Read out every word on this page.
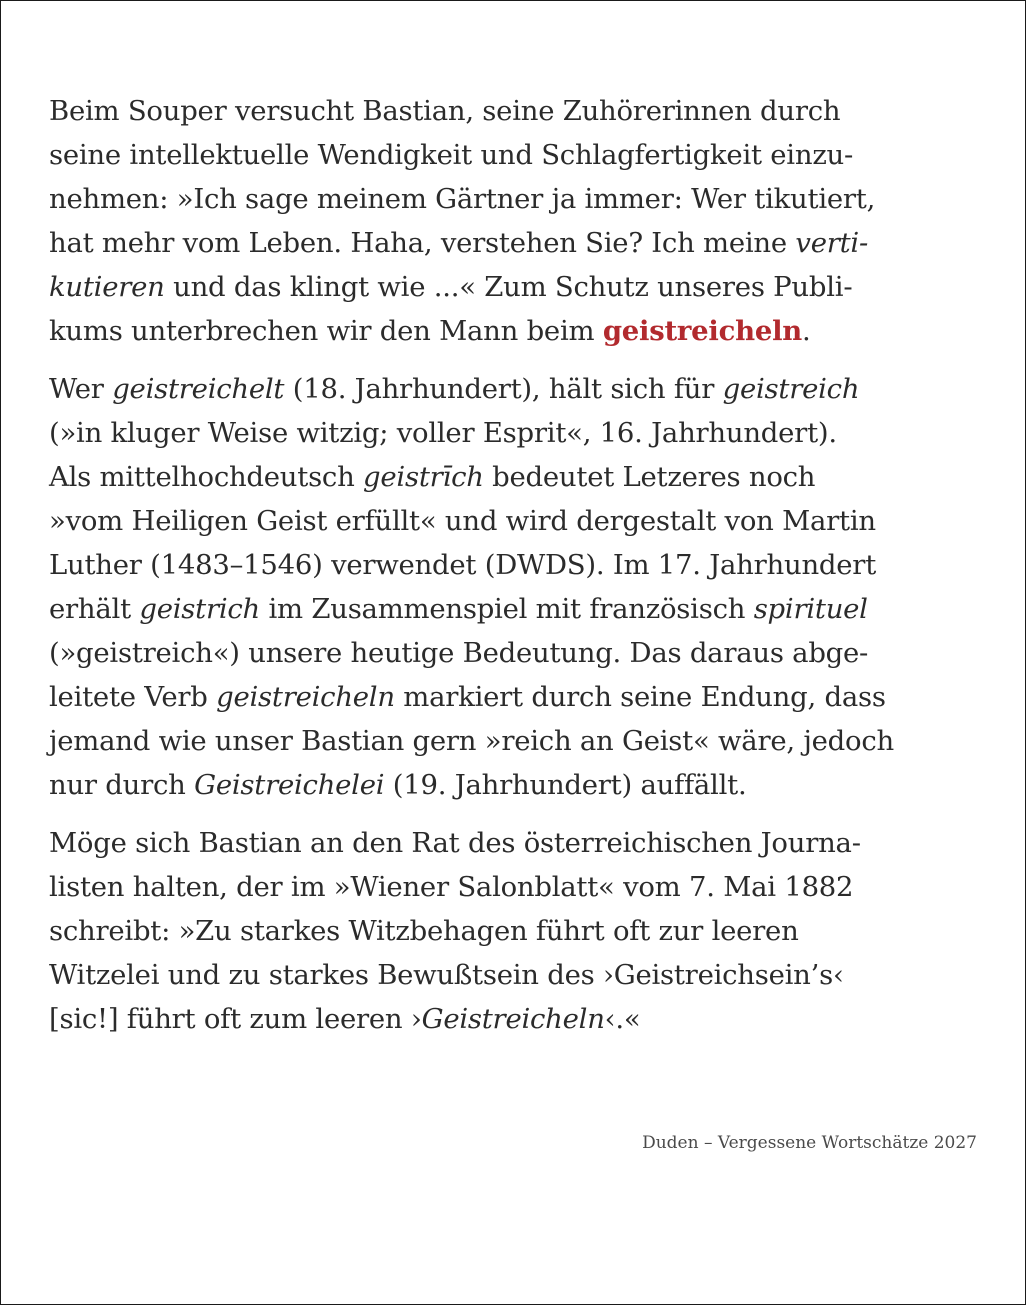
Beim Souper versucht Bastian, seine Zuhörerinnen durch
seine intellektuelle Wendigkeit und Schlagfertigkeit einzu-
nehmen: »Ich sage meinem Gärtner ja immer: Wer tikutiert,
hat mehr vom Leben. Haha, verstehen Sie? Ich meine verti-
kutieren und das klingt wie ...« Zum Schutz unseres Publi-
kums unterbrechen wir den Mann beim geistreicheln.
Wer geistreichelt (18. Jahrhundert), hält sich für geistreich
(»in kluger Weise witzig; voller Esprit«, 16. Jahrhundert).
Als mittelhochdeutsch geistrīch bedeutet Letzeres noch
»vom Heiligen Geist erfüllt« und wird dergestalt von Martin
Luther (1483–1546) verwendet (DWDS). Im 17. Jahrhundert
erhält geistrich im Zusammenspiel mit französisch spirituel
(»geistreich«) unsere heutige Bedeutung. Das daraus abge-
leitete Verb geistreicheln markiert durch seine Endung, dass
jemand wie unser Bastian gern »reich an Geist« wäre, jedoch
nur durch Geistreichelei (19. Jahrhundert) auffällt.
Möge sich Bastian an den Rat des österreichischen Journa-
listen halten, der im »Wiener Salonblatt« vom 7. Mai 1882
schreibt: »Zu starkes Witzbehagen führt oft zur leeren
Witzelei und zu starkes Bewußtsein des ›Geistreichsein’s‹
[sic!] führt oft zum leeren ›Geistreicheln‹.«
Duden – Vergessene Wortschätze 2027
